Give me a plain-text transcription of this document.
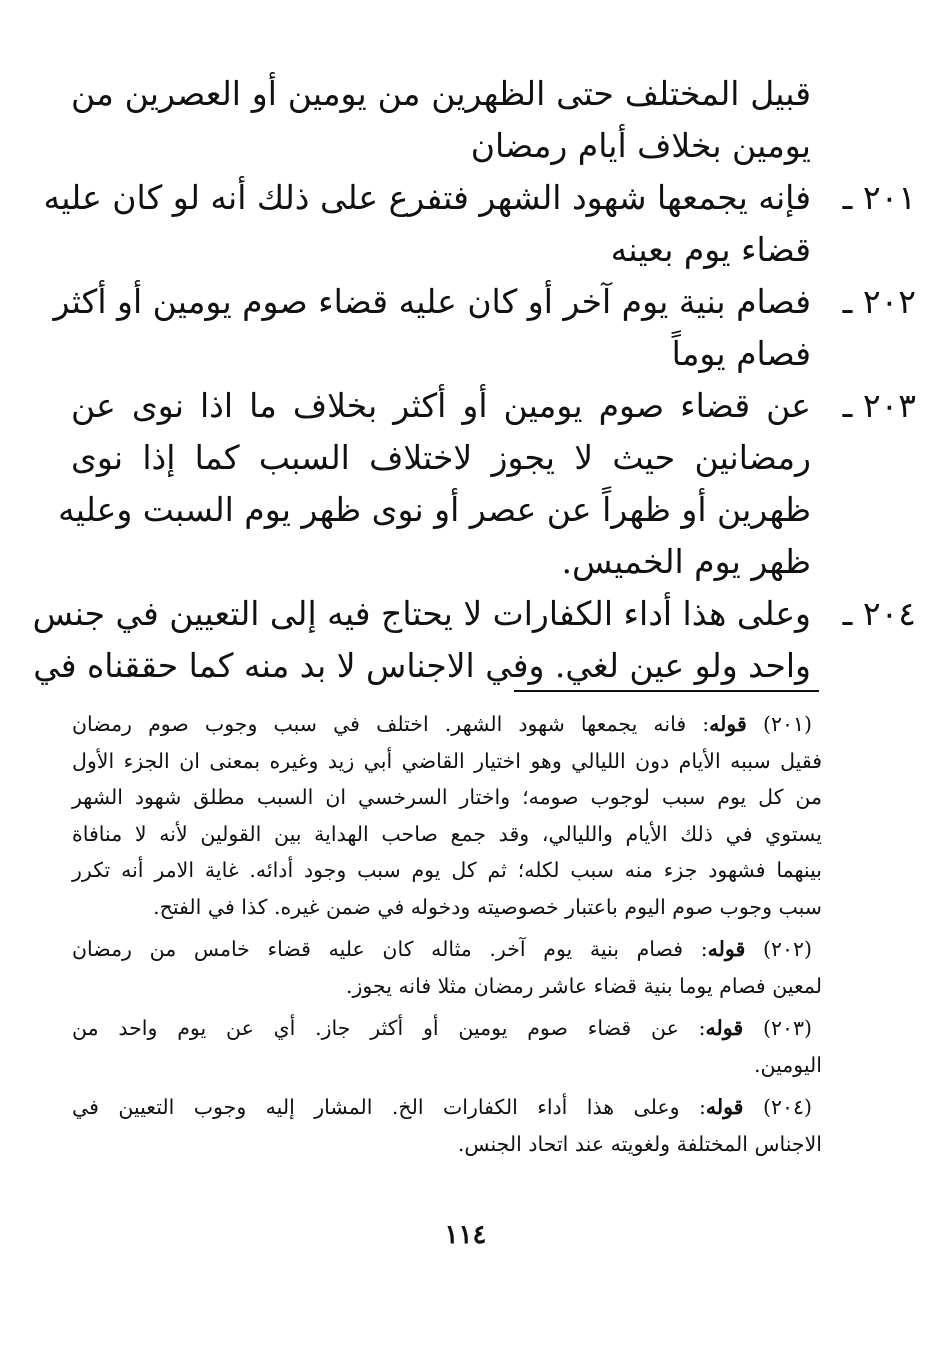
قبيل المختلف حتى الظهرين من يومين أو العصرين من
يومين بخلاف أيام رمضان
٢٠١ ـ
فإنه يجمعها شهود الشهر فتفرع على ذلك أنه لو كان عليه
قضاء يوم بعينه
٢٠٢ ـ
فصام بنية يوم آخر أو كان عليه قضاء صوم يومين أو أكثر
فصام يوماً
٢٠٣ ـ
عن قضاء صوم يومين أو أكثر بخلاف ما اذا نوى عن
رمضانين حيث لا يجوز لاختلاف السبب كما إذا نوى
ظهرين أو ظهراً عن عصر أو نوى ظهر يوم السبت وعليه
ظهر يوم الخميس.
٢٠٤ ـ
وعلى هذا أداء الكفارات لا يحتاج فيه إلى التعيين في جنس
واحد ولو عين لغي. وفي الاجناس لا بد منه كما حققناه في
(٢٠١) قوله: فانه يجمعها شهود الشهر. اختلف في سبب وجوب صوم رمضان
فقيل سببه الأيام دون الليالي وهو اختيار القاضي أبي زيد وغيره بمعنى ان الجزء الأول
من كل يوم سبب لوجوب صومه؛ واختار السرخسي ان السبب مطلق شهود الشهر
يستوي في ذلك الأيام والليالي، وقد جمع صاحب الهداية بين القولين لأنه لا منافاة
بينهما فشهود جزء منه سبب لكله؛ ثم كل يوم سبب وجود أدائه. غاية الامر أنه تكرر
سبب وجوب صوم اليوم باعتبار خصوصيته ودخوله في ضمن غيره. كذا في الفتح.
(٢٠٢) قوله: فصام بنية يوم آخر. مثاله كان عليه قضاء خامس من رمضان
لمعين فصام يوما بنية قضاء عاشر رمضان مثلا فانه يجوز.
(٢٠٣) قوله: عن قضاء صوم يومين أو أكثر جاز. أي عن يوم واحد من
اليومين.
(٢٠٤) قوله: وعلى هذا أداء الكفارات الخ. المشار إليه وجوب التعيين في
الاجناس المختلفة ولغويته عند اتحاد الجنس.
١١٤
